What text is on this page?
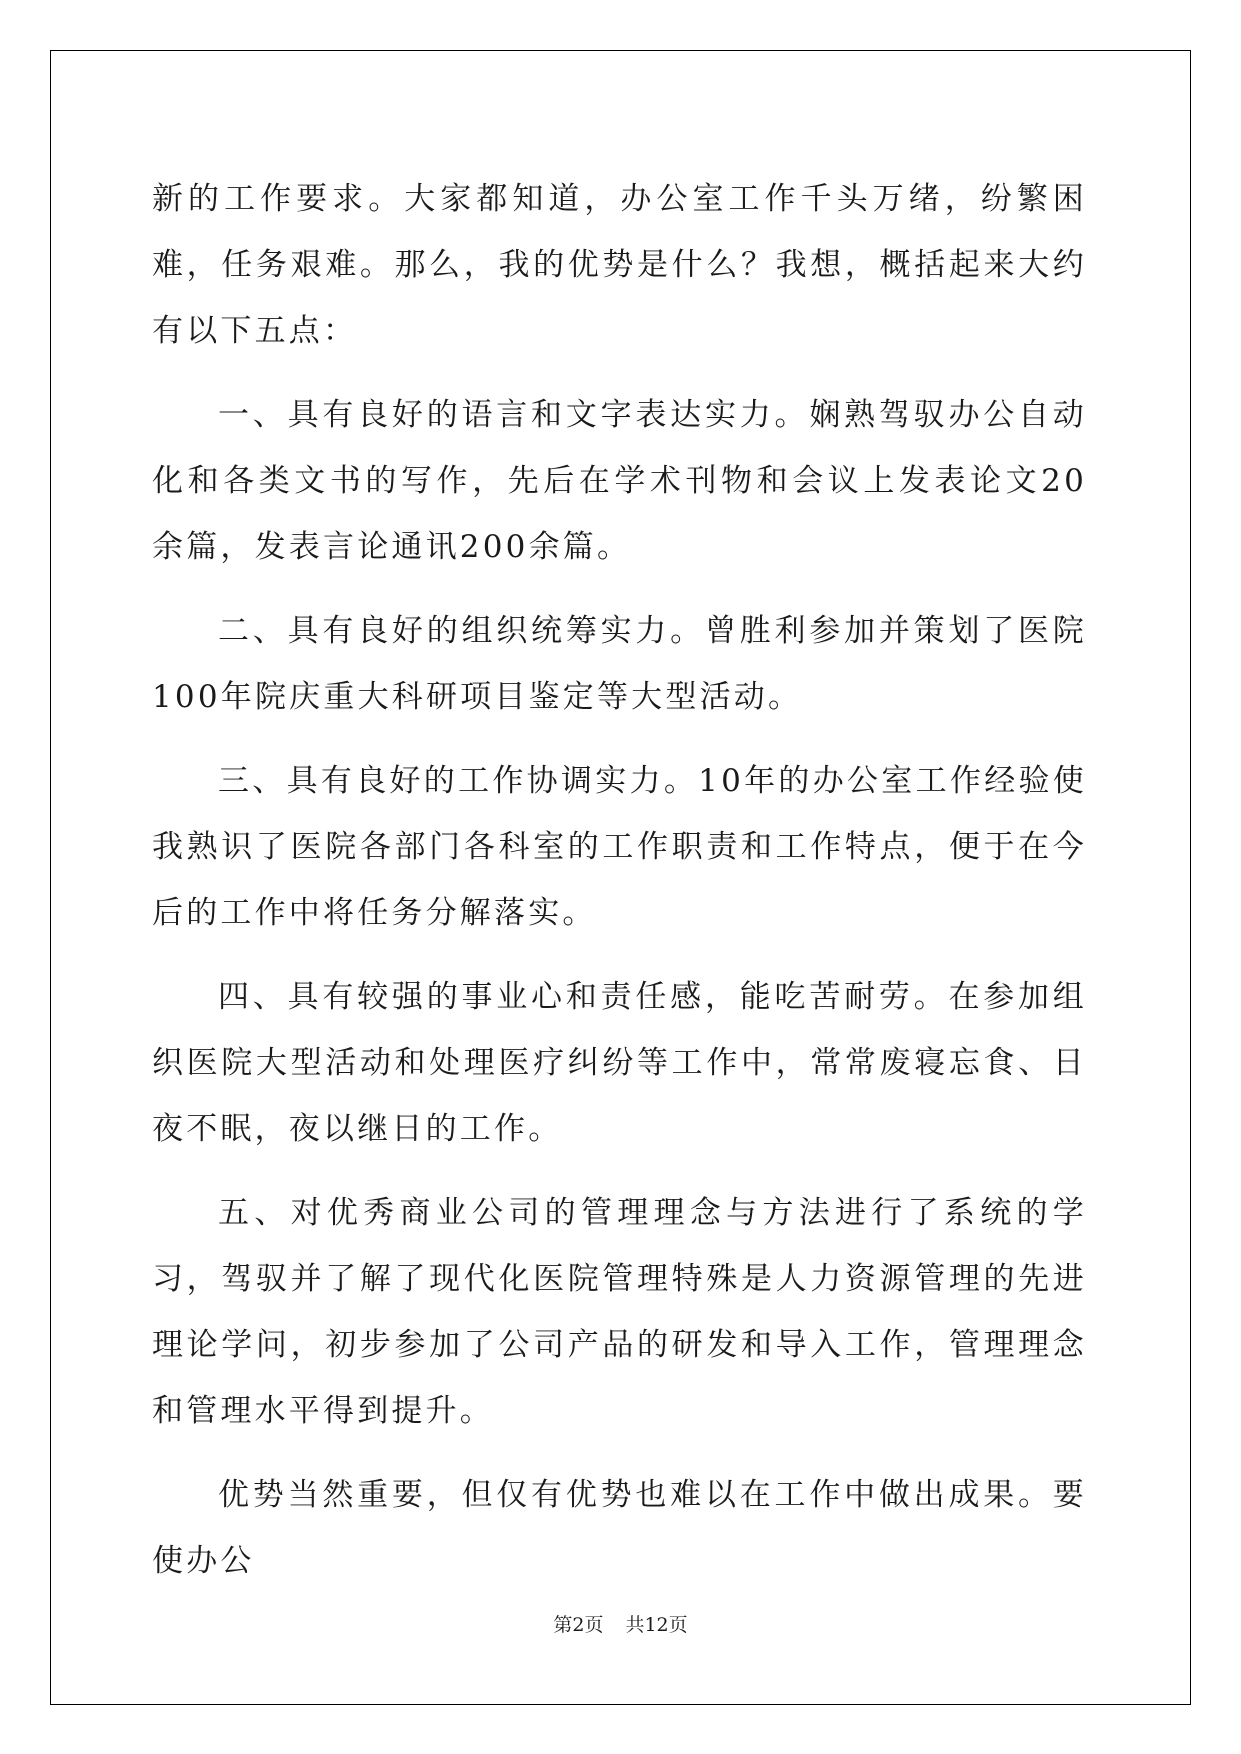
新的工作要求。大家都知道，办公室工作千头万绪，纷繁困难，任务艰难。那么，我的优势是什么？我想，概括起来大约有以下五点：

一、具有良好的语言和文字表达实力。娴熟驾驭办公自动化和各类文书的写作，先后在学术刊物和会议上发表论文20余篇，发表言论通讯200余篇。

二、具有良好的组织统筹实力。曾胜利参加并策划了医院100年院庆重大科研项目鉴定等大型活动。

三、具有良好的工作协调实力。10年的办公室工作经验使我熟识了医院各部门各科室的工作职责和工作特点，便于在今后的工作中将任务分解落实。

四、具有较强的事业心和责任感，能吃苦耐劳。在参加组织医院大型活动和处理医疗纠纷等工作中，常常废寝忘食、日夜不眠，夜以继日的工作。

五、对优秀商业公司的管理理念与方法进行了系统的学习，驾驭并了解了现代化医院管理特殊是人力资源管理的先进理论学问，初步参加了公司产品的研发和导入工作，管理理念和管理水平得到提升。

优势当然重要，但仅有优势也难以在工作中做出成果。要使办公

第2页 共12页
